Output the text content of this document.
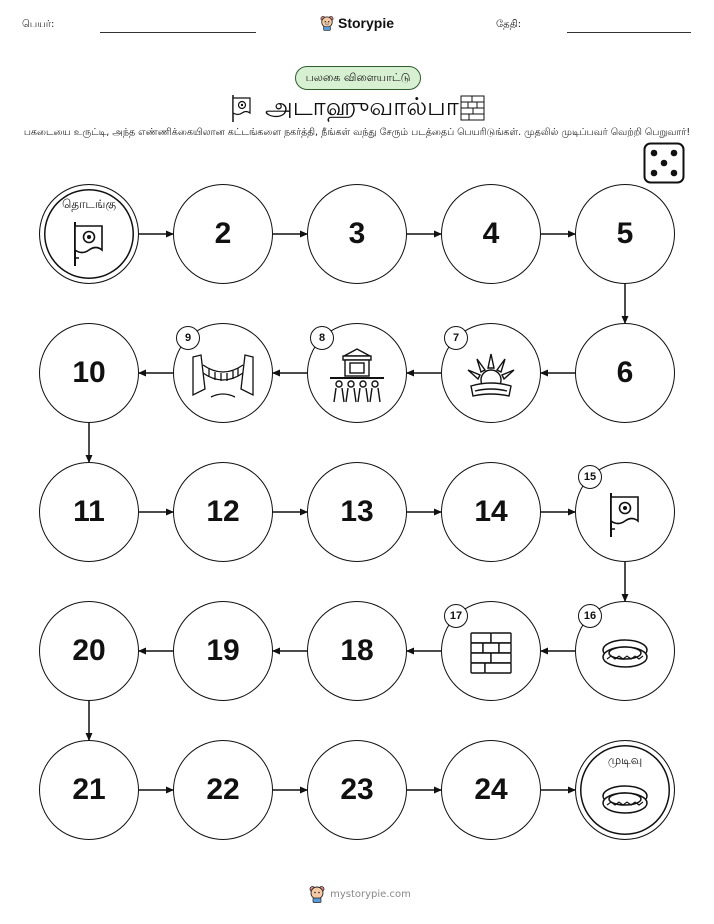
பெயர்:	Storypie	தேதி:
பலகை விளையாட்டு
அடாஹுவால்பா
பகடையை உருட்டி, அந்த எண்ணிக்கையிலான கட்டங்களை நகர்த்தி, நீங்கள் வந்து சேரும் படத்தைப் பெயரிடுங்கள். முதலில் முடிப்பவர் வெற்றி பெறுவார்!
தொடங்கு
2	3	4	5
6
7
8
9
10
11	12	13	14
15
16
17
18
19
20
21	22	23	24
முடிவு
mystorypie.com
